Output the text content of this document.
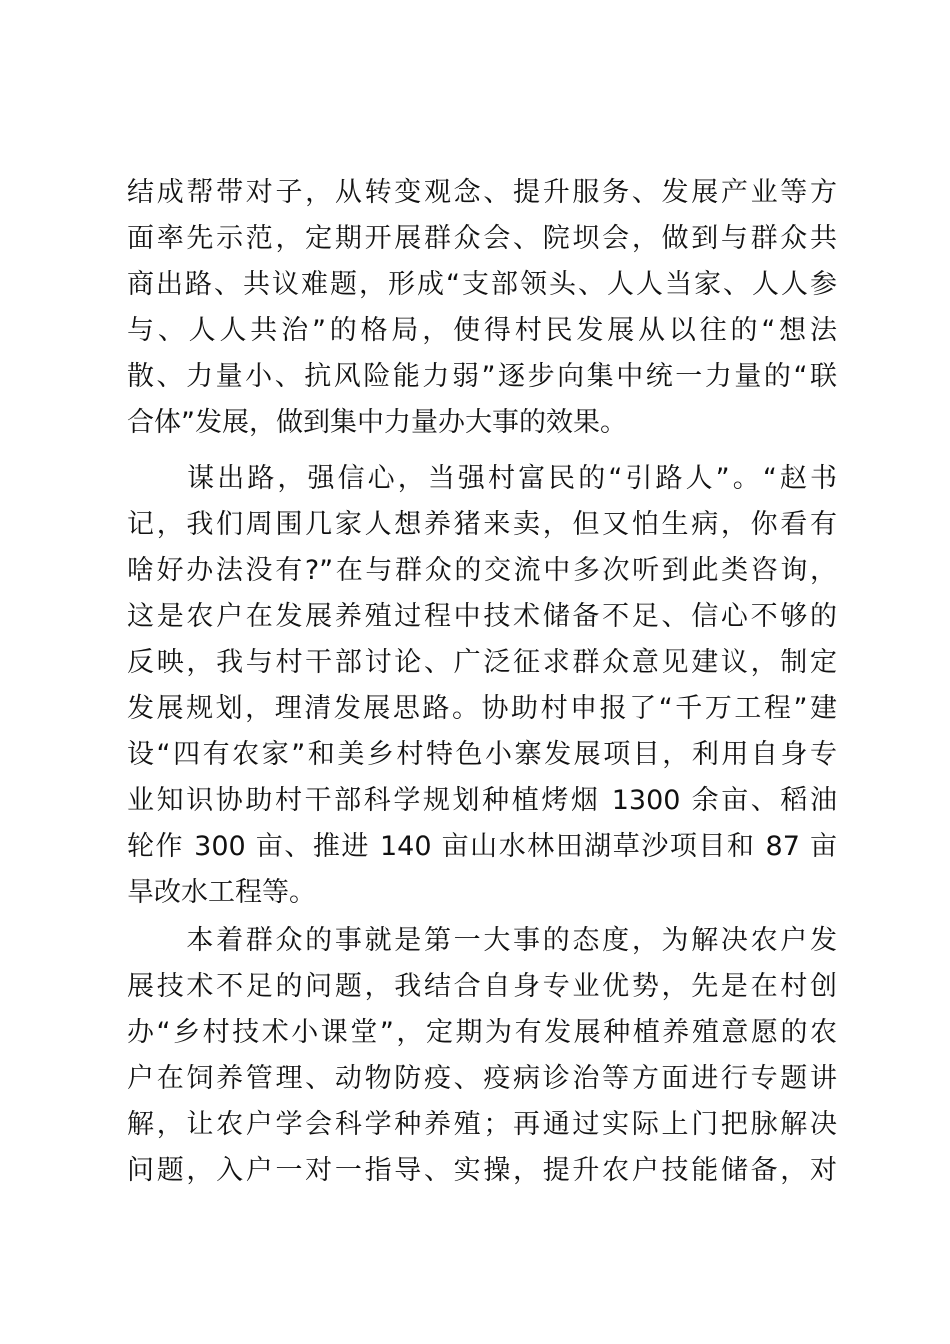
结成帮带对子，从转变观念、提升服务、发展产业等方
面率先示范，定期开展群众会、院坝会，做到与群众共
商出路、共议难题，形成“支部领头、人人当家、人人参
与、人人共治”的格局，使得村民发展从以往的“想法
散、力量小、抗风险能力弱”逐步向集中统一力量的“联
合体”发展，做到集中力量办大事的效果。
　　谋出路，强信心，当强村富民的“引路人”。“赵书
记，我们周围几家人想养猪来卖，但又怕生病，你看有
啥好办法没有?”在与群众的交流中多次听到此类咨询，
这是农户在发展养殖过程中技术储备不足、信心不够的
反映，我与村干部讨论、广泛征求群众意见建议，制定
发展规划，理清发展思路。协助村申报了“千万工程”建
设“四有农家”和美乡村特色小寨发展项目，利用自身专
业知识协助村干部科学规划种植烤烟 1300 余亩、稻油
轮作 300 亩、推进 140 亩山水林田湖草沙项目和 87 亩
旱改水工程等。
　　本着群众的事就是第一大事的态度，为解决农户发
展技术不足的问题，我结合自身专业优势，先是在村创
办“乡村技术小课堂”，定期为有发展种植养殖意愿的农
户在饲养管理、动物防疫、疫病诊治等方面进行专题讲
解，让农户学会科学种养殖；再通过实际上门把脉解决
问题，入户一对一指导、实操，提升农户技能储备，对
